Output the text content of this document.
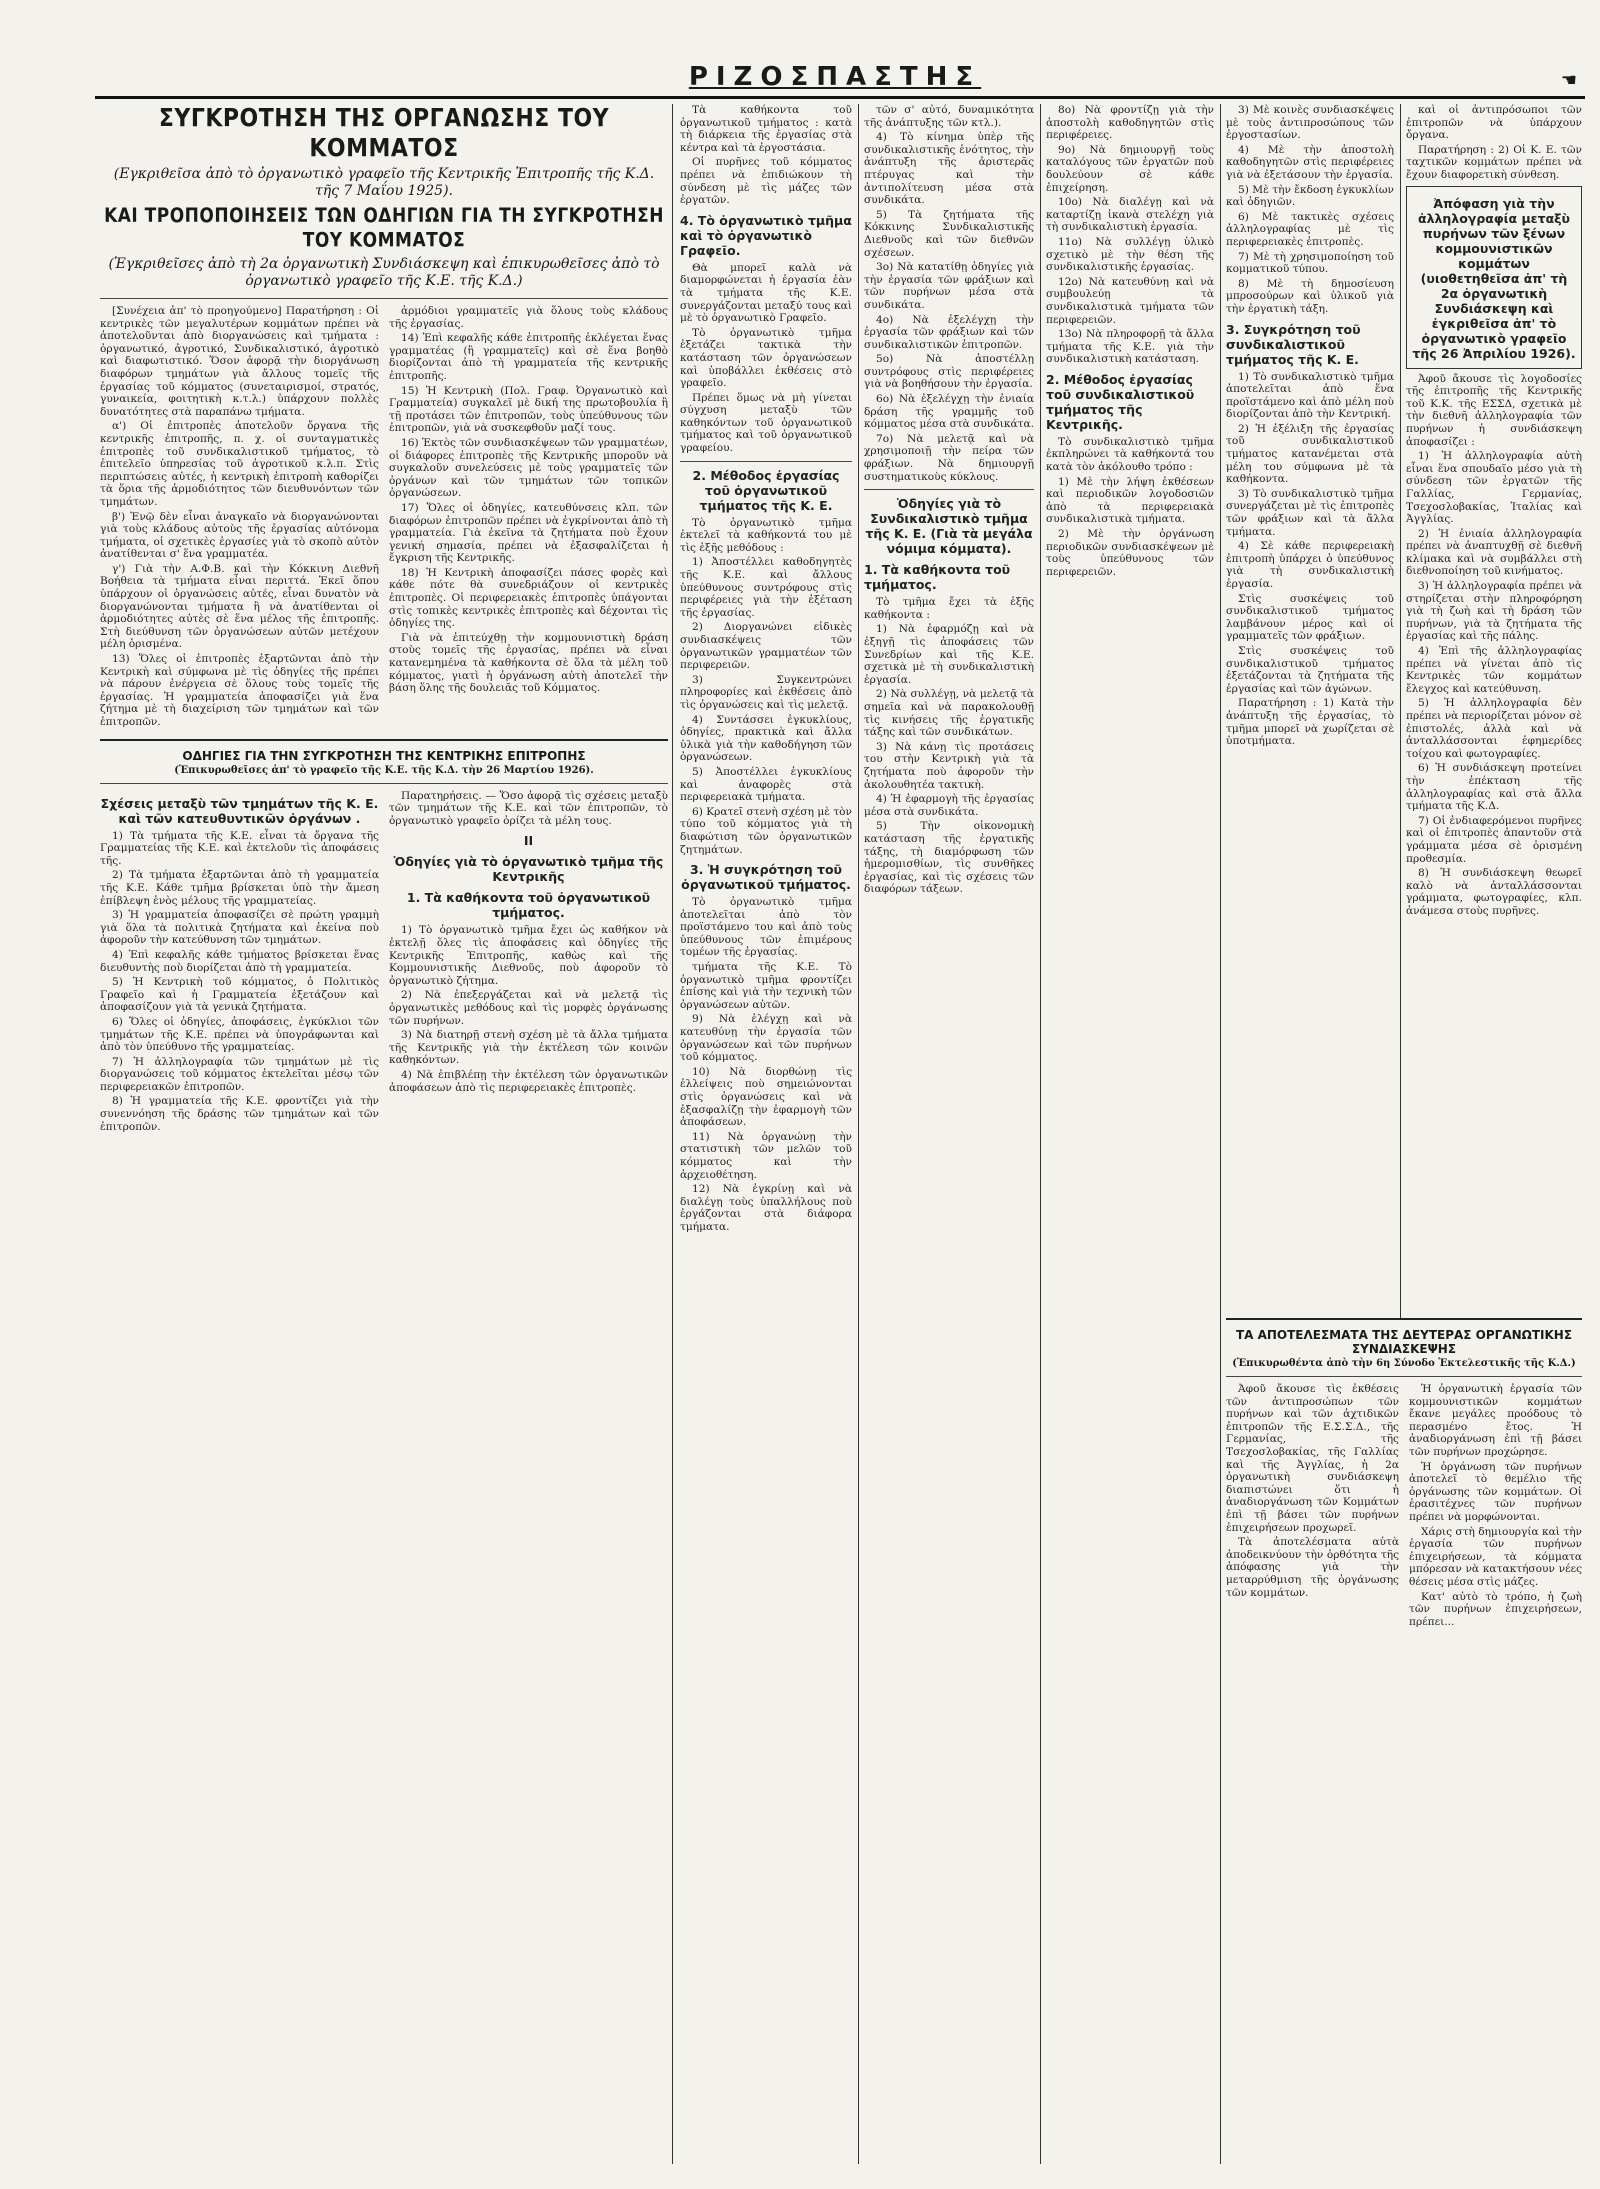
ΡΙΖΟΣΠΑΣΤΗΣ	☚
ΣΥΓΚΡΟΤΗΣΗ ΤΗΣ ΟΡΓΑΝΩΣΗΣ ΤΟΥ ΚΟΜΜΑΤΟΣ
(Εγκριθεῖσα ἀπὸ τὸ ὀργανωτικὸ γραφεῖο τῆς Κεντρικῆς Ἐπιτροπῆς τῆς Κ.Δ. τῆς 7 Μαΐου 1925).
ΚΑΙ ΤΡΟΠΟΠΟΙΗΣΕΙΣ ΤΩΝ ΟΔΗΓΙΩΝ ΓΙΑ ΤΗ ΣΥΓΚΡΟΤΗΣΗ ΤΟΥ ΚΟΜΜΑΤΟΣ
(Ἐγκριθεῖσες ἀπὸ τὴ 2α ὀργανωτικὴ Συνδιάσκεψη καὶ ἐπικυρωθεῖσες ἀπὸ τὸ ὀργανωτικὸ γραφεῖο τῆς Κ.Ε. τῆς Κ.Δ.)

[Συνέχεια ἀπ' τὸ προηγούμενο] Παρατήρηση : Οἱ κεντρικὲς τῶν μεγαλυτέρων κομμάτων πρέπει νὰ ἀποτελοῦνται ἀπὸ διοργανώσεις καὶ τμήματα : ὀργανωτικό, ἀγροτικό, Συνδικαλιστικό, ἀγροτικὸ καὶ διαφωτιστικό. Ὅσον ἀφορᾷ τὴν διοργάνωση διαφόρων τμημάτων γιὰ ἄλλους τομεῖς τῆς ἐργασίας τοῦ κόμματος (συνεταιρισμοί, στρατός, γυναικεία, φοιτητικὴ κ.τ.λ.) ὑπάρχουν πολλὲς δυνατότητες στὰ παραπάνω τμήματα.

α') Οἱ ἐπιτροπὲς ἀποτελοῦν ὄργανα τῆς κεντρικῆς ἐπιτροπῆς, π. χ. οἱ συνταγματικὲς ἐπιτροπὲς τοῦ συνδικαλιστικοῦ τμήματος, τὸ ἐπιτελεῖο ὑπηρεσίας τοῦ ἀγροτικοῦ κ.λ.π. Στὶς περιπτώσεις αὐτές, ἡ κεντρικὴ ἐπιτροπὴ καθορίζει τὰ ὅρια τῆς ἁρμοδιότητος τῶν διευθυνόντων τῶν τμημάτων.

β') Ἐνῷ δὲν εἶναι ἀναγκαῖο νὰ διοργανώνονται γιὰ τοὺς κλάδους αὐτοὺς τῆς ἐργασίας αὐτόνομα τμήματα, οἱ σχετικὲς ἐργασίες γιὰ τὸ σκοπὸ αὐτὸν ἀνατίθενται σ' ἕνα γραμματέα.

γ') Γιὰ τὴν Α.Φ.Β. καὶ τὴν Κόκκινη Διεθνῆ Βοήθεια τὰ τμήματα εἶναι περιττά. Ἐκεῖ ὅπου ὑπάρχουν οἱ ὀργανώσεις αὐτές, εἶναι δυνατὸν νὰ διοργανώνονται τμήματα ἢ νὰ ἀνατίθενται οἱ ἁρμοδιότητες αὐτὲς σὲ ἕνα μέλος τῆς ἐπιτροπῆς. Στὴ διεύθυνση τῶν ὀργανώσεων αὐτῶν μετέχουν μέλη ὁρισμένα.

13) Ὅλες οἱ ἐπιτροπὲς ἐξαρτῶνται ἀπὸ τὴν Κεντρικὴ καὶ σύμφωνα μὲ τὶς ὁδηγίες τῆς πρέπει νὰ πάρουν ἐνέργεια σὲ ὅλους τοὺς τομεῖς τῆς ἐργασίας. Ἡ γραμματεία ἀποφασίζει γιὰ ἕνα ζήτημα μὲ τὴ διαχείριση τῶν τμημάτων καὶ τῶν ἐπιτροπῶν.

ἁρμόδιοι γραμματεῖς γιὰ ὅλους τοὺς κλάδους τῆς ἐργασίας.

14) Ἐπὶ κεφαλῆς κάθε ἐπιτροπῆς ἐκλέγεται ἕνας γραμματέας (ἢ γραμματεῖς) καὶ σὲ ἕνα βοηθὸ διορίζονται ἀπὸ τὴ γραμματεία τῆς κεντρικῆς ἐπιτροπῆς.

15) Ἡ Κεντρικὴ (Πολ. Γραφ. Ὀργανωτικὸ καὶ Γραμματεία) συγκαλεῖ μὲ δική της πρωτοβουλία ἢ τῇ προτάσει τῶν ἐπιτροπῶν, τοὺς ὑπεύθυνους τῶν ἐπιτροπῶν, γιὰ νὰ συσκεφθοῦν μαζί τους.

16) Ἐκτὸς τῶν συνδιασκέψεων τῶν γραμματέων, οἱ διάφορες ἐπιτροπὲς τῆς Κεντρικῆς μποροῦν νὰ συγκαλοῦν συνελεύσεις μὲ τοὺς γραμματεῖς τῶν ὀργάνων καὶ τῶν τμημάτων τῶν τοπικῶν ὀργανώσεων.

17) Ὅλες οἱ ὁδηγίες, κατευθύνσεις κλπ. τῶν διαφόρων ἐπιτροπῶν πρέπει νὰ ἐγκρίνονται ἀπὸ τὴ γραμματεία. Γιὰ ἐκεῖνα τὰ ζητήματα ποὺ ἔχουν γενική σημασία, πρέπει νὰ ἐξασφαλίζεται ἡ ἔγκριση τῆς Κεντρικῆς.

18) Ἡ Κεντρικὴ ἀποφασίζει πάσες φορὲς καὶ κάθε πότε θὰ συνεδριάζουν οἱ κεντρικὲς ἐπιτροπὲς. Οἱ περιφερειακὲς ἐπιτροπὲς ὑπάγονται στὶς τοπικὲς κεντρικὲς ἐπιτροπὲς καὶ δέχονται τὶς ὁδηγίες της.

Γιὰ νὰ ἐπιτεύχθῃ τὴν κομμουνιστικὴ δράση στοὺς τομεῖς τῆς ἐργασίας, πρέπει νὰ εἶναι κατανεμημένα τὰ καθήκοντα σὲ ὅλα τὰ μέλη τοῦ κόμματος, γιατὶ ἡ ὀργάνωση αὐτὴ ἀποτελεῖ τὴν βάση ὅλης τῆς δουλειᾶς τοῦ Κόμματος.

ΟΔΗΓΙΕΣ ΓΙΑ ΤΗΝ ΣΥΓΚΡΟΤΗΣΗ ΤΗΣ ΚΕΝΤΡΙΚΗΣ ΕΠΙΤΡΟΠΗΣ
(Ἐπικυρωθεῖσες ἀπ' τὸ γραφεῖο τῆς Κ.Ε. τῆς Κ.Δ. τὴν 26 Μαρτίου 1926).
Σχέσεις μεταξὺ τῶν τμημάτων τῆς Κ. Ε. καὶ τῶν κατευθυντικῶν ὀργάνων .

1) Τὰ τμήματα τῆς Κ.Ε. εἶναι τὰ ὄργανα τῆς Γραμματείας τῆς Κ.Ε. καὶ ἐκτελοῦν τὶς ἀποφάσεις τῆς.

2) Τὰ τμήματα ἐξαρτῶνται ἀπὸ τὴ γραμματεία τῆς Κ.Ε. Κάθε τμῆμα βρίσκεται ὑπὸ τὴν ἄμεση ἐπίβλεψη ἑνὸς μέλους τῆς γραμματείας.

3) Ἡ γραμματεία ἀποφασίζει σὲ πρώτη γραμμὴ γιὰ ὅλα τὰ πολιτικὰ ζητήματα καὶ ἐκείνα ποὺ ἀφοροῦν τὴν κατεύθυνση τῶν τμημάτων.

4) Ἐπὶ κεφαλῆς κάθε τμήματος βρίσκεται ἕνας διευθυντὴς ποὺ διορίζεται ἀπὸ τὴ γραμματεία.

5) Ἡ Κεντρικὴ τοῦ κόμματος, ὁ Πολιτικὸς Γραφεῖο καὶ ἡ Γραμματεία ἐξετάζουν καὶ ἀποφασίζουν γιὰ τὰ γενικὰ ζητήματα.

6) Ὅλες οἱ ὁδηγίες, ἀποφάσεις, ἐγκύκλιοι τῶν τμημάτων τῆς Κ.Ε. πρέπει νὰ ὑπογράφωνται καὶ ἀπὸ τὸν ὑπεύθυνο τῆς γραμματείας.

7) Ἡ ἀλληλογραφία τῶν τμημάτων μὲ τὶς διοργανώσεις τοῦ κόμματος ἐκτελεῖται μέσῳ τῶν περιφερειακῶν ἐπιτροπῶν.

8) Ἡ γραμματεία τῆς Κ.Ε. φροντίζει γιὰ τὴν συνεννόηση τῆς δράσης τῶν τμημάτων καὶ τῶν ἐπιτροπῶν.

Παρατηρήσεις. — Ὅσο ἀφορᾷ τὶς σχέσεις μεταξὺ τῶν τμημάτων τῆς Κ.Ε. καὶ τῶν ἐπιτροπῶν, τὸ ὀργανωτικὸ γραφεῖο ὀρίζει τὰ μέλη τους.

ΙΙ
Ὁδηγίες γιὰ τὸ ὀργανωτικὸ τμῆμα τῆς Κεντρικῆς
1. Τὰ καθήκοντα τοῦ ὀργανωτικοῦ τμήματος.

1) Τὸ ὀργανωτικὸ τμῆμα ἔχει ὡς καθήκον νὰ ἐκτελῇ ὅλες τὶς ἀποφάσεις καὶ ὁδηγίες τῆς Κεντρικῆς Ἐπιτροπῆς, καθὼς καὶ τῆς Κομμουνιστικῆς Διεθνοῦς, ποὺ ἀφοροῦν τὸ ὀργανωτικὸ ζήτημα.

2) Νὰ ἐπεξεργάζεται καὶ νὰ μελετᾷ τὶς ὀργανωτικὲς μεθόδους καὶ τὶς μορφὲς ὀργάνωσης τῶν πυρήνων.

3) Νὰ διατηρῇ στενὴ σχέση μὲ τὰ ἄλλα τμήματα τῆς Κεντρικῆς γιὰ τὴν ἐκτέλεση τῶν κοινῶν καθηκόντων.

4) Νὰ ἐπιβλέπῃ τὴν ἐκτέλεση τῶν ὀργανωτικῶν ἀποφάσεων ἀπὸ τὶς περιφερειακὲς ἐπιτροπὲς.

Τὰ καθήκοντα τοῦ ὀργανωτικοῦ τμήματος : κατὰ τὴ διάρκεια τῆς ἐργασίας στὰ κέντρα καὶ τὰ ἐργοστάσια.

Οἱ πυρῆνες τοῦ κόμματος πρέπει νὰ ἐπιδιώκουν τὴ σύνδεση μὲ τὶς μάζες τῶν ἐργατῶν.

4. Τὸ ὀργανωτικὸ τμῆμα καὶ τὸ ὀργανωτικὸ Γραφεῖο.

Θὰ μπορεῖ καλὰ νὰ διαμορφώνεται ἡ ἐργασία ἐὰν τὰ τμήματα τῆς Κ.Ε. συνεργάζονται μεταξύ τους καὶ μὲ τὸ ὀργανωτικὸ Γραφεῖο.

Τὸ ὀργανωτικὸ τμῆμα ἐξετάζει τακτικὰ τὴν κατάσταση τῶν ὀργανώσεων καὶ ὑποβάλλει ἐκθέσεις στὸ γραφεῖο.

Πρέπει ὅμως νὰ μὴ γίνεται σύγχυση μεταξὺ τῶν καθηκόντων τοῦ ὀργανωτικοῦ τμήματος καὶ τοῦ ὀργανωτικοῦ γραφείου.

2. Μέθοδος ἐργασίας τοῦ ὀργανωτικοῦ τμήματος τῆς Κ. Ε.

Τὸ ὀργανωτικὸ τμῆμα ἐκτελεῖ τὰ καθήκοντά του μὲ τὶς ἑξῆς μεθόδους :

1) Ἀποστέλλει καθοδηγητὲς τῆς Κ.Ε. καὶ ἄλλους ὑπεύθυνους συντρόφους στὶς περιφέρειες γιὰ τὴν ἐξέταση τῆς ἐργασίας.

2) Διοργανώνει εἰδικὲς συνδιασκέψεις τῶν ὀργανωτικῶν γραμματέων τῶν περιφερειῶν.

3) Συγκεντρώνει πληροφορίες καὶ ἐκθέσεις ἀπὸ τὶς ὀργανώσεις καὶ τὶς μελετᾷ.

4) Συντάσσει ἐγκυκλίους, ὁδηγίες, πρακτικὰ καὶ ἄλλα ὑλικὰ γιὰ τὴν καθοδήγηση τῶν ὀργανώσεων.

5) Ἀποστέλλει ἐγκυκλίους καὶ ἀναφορὲς στὰ περιφερειακὰ τμήματα.

6) Κρατεῖ στενὴ σχέση μὲ τὸν τύπο τοῦ κόμματος γιὰ τὴ διαφώτιση τῶν ὀργανωτικῶν ζητημάτων.

3. Ἡ συγκρότηση τοῦ ὀργανωτικοῦ τμήματος.

Τὸ ὀργανωτικὸ τμῆμα ἀποτελεῖται ἀπὸ τὸν προϊστάμενο του καὶ ἀπὸ τοὺς ὑπεύθυνους τῶν ἐπιμέρους τομέων τῆς ἐργασίας.

τμήματα τῆς Κ.Ε. Τὸ ὀργανωτικὸ τμῆμα φροντίζει ἐπίσης καὶ γιὰ τὴν τεχνικὴ τῶν ὀργανώσεων αὐτῶν.

9) Νὰ ἐλέγχῃ καὶ νὰ κατευθύνῃ τὴν ἐργασία τῶν ὀργανώσεων καὶ τῶν πυρήνων τοῦ κόμματος.

10) Νὰ διορθώνῃ τὶς ἐλλείψεις ποὺ σημειώνονται στὶς ὀργανώσεις καὶ νὰ ἐξασφαλίζῃ τὴν ἐφαρμογὴ τῶν ἀποφάσεων.

11) Νὰ ὀργανώνῃ τὴν στατιστικὴ τῶν μελῶν τοῦ κόμματος καὶ τὴν ἀρχειοθέτηση.

12) Νὰ ἐγκρίνῃ καὶ νὰ διαλέγῃ τοὺς ὑπαλλήλους ποὺ ἐργάζονται στὰ διάφορα τμήματα.

τῶν σ' αὐτό, δυναμικότητα τῆς ἀνάπτυξης τῶν κτλ.).

4) Τὸ κίνημα ὑπὲρ τῆς συνδικαλιστικῆς ἑνότητος, τὴν ἀνάπτυξη τῆς ἀριστερᾶς πτέρυγας καὶ τὴν ἀντιπολίτευση μέσα στὰ συνδικάτα.

5) Τὰ ζητήματα τῆς Κόκκινης Συνδικαλιστικῆς Διεθνοῦς καὶ τῶν διεθνῶν σχέσεων.

3ο) Νὰ κατατίθῃ ὁδηγίες γιὰ τὴν ἐργασία τῶν φράξιων καὶ τῶν πυρήνων μέσα στὰ συνδικάτα.

4ο) Νὰ ἐξελέγχῃ τὴν ἐργασία τῶν φράξιων καὶ τῶν συνδικαλιστικῶν ἐπιτροπῶν.

5ο) Νὰ ἀποστέλλῃ συντρόφους στὶς περιφέρειες γιὰ νὰ βοηθήσουν τὴν ἐργασία.

6ο) Νὰ ἐξελέγχῃ τὴν ἐνιαία δράση τῆς γραμμῆς τοῦ κόμματος μέσα στὰ συνδικάτα.

7ο) Νὰ μελετᾷ καὶ νὰ χρησιμοποιῇ τὴν πείρα τῶν φράξιων. Νὰ δημιουργῇ συστηματικοὺς κύκλους.

Ὁδηγίες γιὰ τὸ Συνδικαλιστικὸ τμῆμα τῆς Κ. Ε. (Γιὰ τὰ μεγάλα νόμιμα κόμματα).
1. Τὰ καθήκοντα τοῦ τμήματος.

Τὸ τμῆμα ἔχει τὰ ἑξῆς καθήκοντα :

1) Νὰ ἐφαρμόζῃ καὶ νὰ ἐξηγῇ τὶς ἀποφάσεις τῶν Συνεδρίων καὶ τῆς Κ.Ε. σχετικὰ μὲ τὴ συνδικαλιστικὴ ἐργασία.

2) Νὰ συλλέγῃ, νὰ μελετᾷ τὰ σημεῖα καὶ νὰ παρακολουθῇ τὶς κινήσεις τῆς ἐργατικῆς τάξης καὶ τῶν συνδικάτων.

3) Νὰ κάνῃ τὶς προτάσεις του στὴν Κεντρικὴ γιὰ τὰ ζητήματα ποὺ ἀφοροῦν τὴν ἀκολουθητέα τακτικὴ.

4) Ἡ ἐφαρμογὴ τῆς ἐργασίας μέσα στὰ συνδικάτα.

5) Τὴν οἰκονομικὴ κατάσταση τῆς ἐργατικῆς τάξης, τὴ διαμόρφωση τῶν ἡμερομισθίων, τὶς συνθῆκες ἐργασίας, καὶ τὶς σχέσεις τῶν διαφόρων τάξεων.

8ο) Νὰ φροντίζῃ γιὰ τὴν ἀποστολὴ καθοδηγητῶν στὶς περιφέρειες.

9ο) Νὰ δημιουργῇ τοὺς καταλόγους τῶν ἐργατῶν ποὺ δουλεύουν σὲ κάθε ἐπιχείρηση.

10ο) Νὰ διαλέγῃ καὶ νὰ καταρτίζῃ ἱκανὰ στελέχη γιὰ τὴ συνδικαλιστικὴ ἐργασία.

11ο) Νὰ συλλέγῃ ὑλικὸ σχετικὸ μὲ τὴν θέση τῆς συνδικαλιστικῆς ἐργασίας.

12ο) Νὰ κατευθύνῃ καὶ νὰ συμβουλεύῃ τὰ συνδικαλιστικὰ τμήματα τῶν περιφερειῶν.

13ο) Νὰ πληροφορῇ τὰ ἄλλα τμήματα τῆς Κ.Ε. γιὰ τὴν συνδικαλιστικὴ κατάσταση.

2. Μέθοδος ἐργασίας τοῦ συνδικαλιστικοῦ τμήματος τῆς Κεντρικῆς.

Τὸ συνδικαλιστικὸ τμῆμα ἐκπληρώνει τὰ καθήκοντά του κατὰ τὸν ἀκόλουθο τρόπο :

1) Μὲ τὴν λήψη ἐκθέσεων καὶ περιοδικῶν λογοδοσιῶν ἀπὸ τὰ περιφερειακὰ συνδικαλιστικὰ τμήματα.

2) Μὲ τὴν ὀργάνωση περιοδικῶν συνδιασκέψεων μὲ τοὺς ὑπεύθυνους τῶν περιφερειῶν.

3) Μὲ κοινὲς συνδιασκέψεις μὲ τοὺς ἀντιπροσώπους τῶν ἐργοστασίων.

4) Μὲ τὴν ἀποστολὴ καθοδηγητῶν στὶς περιφέρειες γιὰ νὰ ἐξετάσουν τὴν ἐργασία.

5) Μὲ τὴν ἔκδοση ἐγκυκλίων καὶ ὁδηγιῶν.

6) Μὲ τακτικὲς σχέσεις ἀλληλογραφίας μὲ τὶς περιφερειακὲς ἐπιτροπὲς.

7) Μὲ τὴ χρησιμοποίηση τοῦ κομματικοῦ τύπου.

8) Μὲ τὴ δημοσίευση μπροσούρων καὶ ὑλικοῦ γιὰ τὴν ἐργατικὴ τάξη.

3. Συγκρότηση τοῦ συνδικαλιστικοῦ τμήματος τῆς Κ. Ε.

1) Τὸ συνδικαλιστικὸ τμῆμα ἀποτελεῖται ἀπὸ ἕνα προϊστάμενο καὶ ἀπὸ μέλη ποὺ διορίζονται ἀπὸ τὴν Κεντρική.

2) Ἡ ἐξέλιξη τῆς ἐργασίας τοῦ συνδικαλιστικοῦ τμήματος κατανέμεται στὰ μέλη του σύμφωνα μὲ τὰ καθήκοντα.

3) Τὸ συνδικαλιστικὸ τμῆμα συνεργάζεται μὲ τὶς ἐπιτροπὲς τῶν φράξιων καὶ τὰ ἄλλα τμήματα.

4) Σὲ κάθε περιφερειακὴ ἐπιτροπὴ ὑπάρχει ὁ ὑπεύθυνος γιὰ τὴ συνδικαλιστικὴ ἐργασία.

Στὶς συσκέψεις τοῦ συνδικαλιστικοῦ τμήματος λαμβάνουν μέρος καὶ οἱ γραμματεῖς τῶν φράξιων.

Στὶς συσκέψεις τοῦ συνδικαλιστικοῦ τμήματος ἐξετάζονται τὰ ζητήματα τῆς ἐργασίας καὶ τῶν ἀγώνων.

Παρατήρηση : 1) Κατὰ τὴν ἀνάπτυξη τῆς ἐργασίας, τὸ τμῆμα μπορεῖ νὰ χωρίζεται σὲ ὑποτμήματα.

καὶ οἱ ἀντιπρόσωποι τῶν ἐπιτροπῶν νὰ ὑπάρχουν ὄργανα.

Παρατήρηση : 2) Οἱ Κ. Ε. τῶν ταχτικῶν κομμάτων πρέπει νὰ ἔχουν διαφορετικὴ σύνθεση.

Ἀπόφαση γιὰ τὴν ἀλληλογραφία μεταξὺ πυρήνων τῶν ξένων κομμουνιστικῶν κομμάτων (υιοθετηθεῖσα ἀπ' τὴ 2α ὀργανωτικὴ Συνδιάσκεψη καὶ ἐγκριθεῖσα ἀπ' τὸ ὀργανωτικὸ γραφεῖο τῆς 26 Ἀπριλίου 1926).

Ἀφοῦ ἄκουσε τὶς λογοδοσίες τῆς ἐπιτροπῆς τῆς Κεντρικῆς τοῦ Κ.Κ. τῆς ΕΣΣΔ, σχετικὰ μὲ τὴν διεθνῆ ἀλληλογραφία τῶν πυρήνων ἡ συνδιάσκεψη ἀποφασίζει :

1) Ἡ ἀλληλογραφία αὐτὴ εἶναι ἕνα σπουδαῖο μέσο γιὰ τὴ σύνδεση τῶν ἐργατῶν τῆς Γαλλίας, Γερμανίας, Τσεχοσλοβακίας, Ἰταλίας καὶ Ἀγγλίας.

2) Ἡ ἐνιαία ἀλληλογραφία πρέπει νὰ ἀναπτυχθῇ σὲ διεθνῆ κλίμακα καὶ νὰ συμβάλλει στὴ διεθνοποίηση τοῦ κινήματος.

3) Ἡ ἀλληλογραφία πρέπει νὰ στηρίζεται στὴν πληροφόρηση γιὰ τὴ ζωὴ καὶ τὴ δράση τῶν πυρήνων, γιὰ τὰ ζητήματα τῆς ἐργασίας καὶ τῆς πάλης.

4) Ἐπὶ τῆς ἀλληλογραφίας πρέπει νὰ γίνεται ἀπὸ τὶς Κεντρικὲς τῶν κομμάτων ἔλεγχος καὶ κατεύθυνση.

5) Ἡ ἀλληλογραφία δὲν πρέπει νὰ περιορίζεται μόνον σὲ ἐπιστολές, ἀλλὰ καὶ νὰ ἀνταλλάσσονται ἐφημερίδες τοίχου καὶ φωτογραφίες.

6) Ἡ συνδιάσκεψη προτείνει τὴν ἐπέκταση τῆς ἀλληλογραφίας καὶ στὰ ἄλλα τμήματα τῆς Κ.Δ.

7) Οἱ ἐνδιαφερόμενοι πυρῆνες καὶ οἱ ἐπιτροπὲς ἀπαντοῦν στὰ γράμματα μέσα σὲ ὁρισμένη προθεσμία.

8) Ἡ συνδιάσκεψη θεωρεῖ καλὸ νὰ ἀνταλλάσσονται γράμματα, φωτογραφίες, κλπ. ἀνάμεσα στοὺς πυρῆνες.

ΤΑ ΑΠΟΤΕΛΕΣΜΑΤΑ ΤΗΣ ΔΕΥΤΕΡΑΣ ΟΡΓΑΝΩΤΙΚΗΣ ΣΥΝΔΙΑΣΚΕΨΗΣ
(Ἐπικυρωθέντα ἀπὸ τὴν 6η Σύνοδο Ἐκτελεστικῆς τῆς Κ.Δ.)

Ἀφοῦ ἄκουσε τὶς ἐκθέσεις τῶν ἀντιπροσώπων τῶν πυρήνων καὶ τῶν ἀχτιδικῶν ἐπιτροπῶν τῆς Ε.Σ.Σ.Δ., τῆς Γερμανίας, τῆς Τσεχοσλοβακίας, τῆς Γαλλίας καὶ τῆς Ἀγγλίας, ἡ 2α ὀργανωτικὴ συνδιάσκεψη διαπιστώνει ὅτι ἡ ἀναδιοργάνωση τῶν Κομμάτων ἐπὶ τῇ βάσει τῶν πυρήνων ἐπιχειρήσεων προχωρεῖ.

Τὰ ἀποτελέσματα αὐτὰ ἀποδεικνύουν τὴν ὀρθότητα τῆς ἀπόφασης γιὰ τὴν μεταρρύθμιση τῆς ὀργάνωσης τῶν κομμάτων.

Ἡ ὀργανωτικὴ ἐργασία τῶν κομμουνιστικῶν κομμάτων ἔκανε μεγάλες προόδους τὸ περασμένο ἔτος. Ἡ ἀναδιοργάνωση ἐπὶ τῇ βάσει τῶν πυρήνων προχώρησε.

Ἡ ὀργάνωση τῶν πυρήνων ἀποτελεῖ τὸ θεμέλιο τῆς ὀργάνωσης τῶν κομμάτων. Οἱ ἐρασιτέχνες τῶν πυρήνων πρέπει νὰ μορφώνονται.

Χάρις στὴ δημιουργία καὶ τὴν ἐργασία τῶν πυρήνων ἐπιχειρήσεων, τὰ κόμματα μπόρεσαν νὰ κατακτήσουν νέες θέσεις μέσα στὶς μάζες.

Κατ' αὐτὸ τὸ τρόπο, ἡ ζωὴ τῶν πυρήνων ἐπιχειρήσεων, πρέπει...
